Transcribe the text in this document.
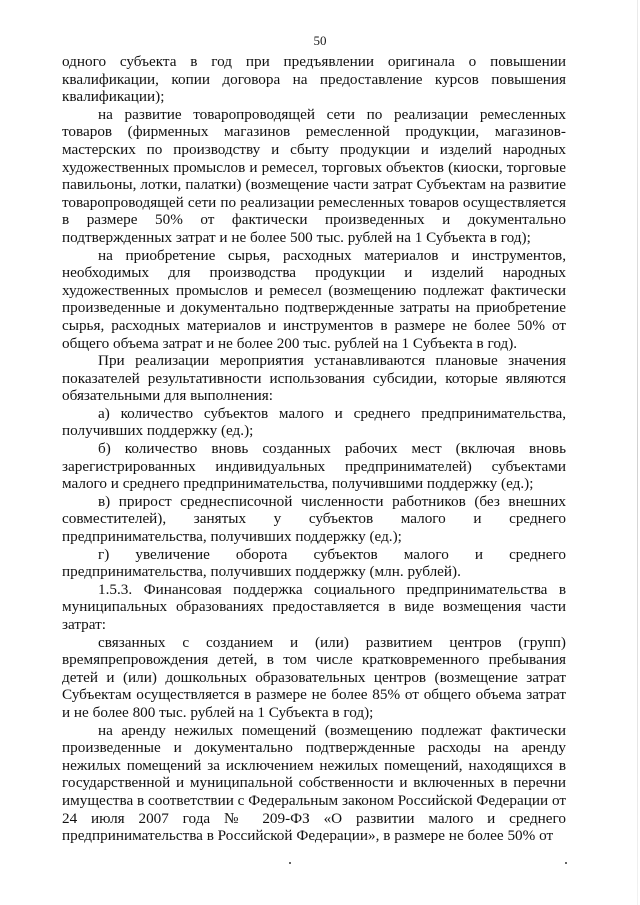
50

одного субъекта в год при предъявлении оригинала о повышении квалификации, копии договора на предоставление курсов повышения квалификации);

на развитие товаропроводящей сети по реализации ремесленных товаров (фирменных магазинов ремесленной продукции, магазинов-мастерских по производству и сбыту продукции и изделий народных художественных промыслов и ремесел, торговых объектов (киоски, торговые павильоны, лотки, палатки) (возмещение части затрат Субъектам на развитие товаропроводящей сети по реализации ремесленных товаров осуществляется в размере 50% от фактически произведенных и документально подтвержденных затрат и не более 500 тыс. рублей на 1 Субъекта в год);

на приобретение сырья, расходных материалов и инструментов, необходимых для производства продукции и изделий народных художественных промыслов и ремесел (возмещению подлежат фактически произведенные и документально подтвержденные затраты на приобретение сырья, расходных материалов и инструментов в размере не более 50% от общего объема затрат и не более 200 тыс. рублей на 1 Субъекта в год).

При реализации мероприятия устанавливаются плановые значения показателей результативности использования субсидии, которые являются обязательными для выполнения:

а) количество субъектов малого и среднего предпринимательства, получивших поддержку (ед.);

б) количество вновь созданных рабочих мест (включая вновь зарегистрированных индивидуальных предпринимателей) субъектами малого и среднего предпринимательства, получившими поддержку (ед.);

в) прирост среднесписочной численности работников (без внешних совместителей), занятых у субъектов малого и среднего предпринимательства, получивших поддержку (ед.);

г) увеличение оборота субъектов малого и среднего предпринимательства, получивших поддержку (млн. рублей).

1.5.3. Финансовая поддержка социального предпринимательства в муниципальных образованиях предоставляется в виде возмещения части затрат:

связанных с созданием и (или) развитием центров (групп) времяпрепровождения детей, в том числе кратковременного пребывания детей и (или) дошкольных образовательных центров (возмещение затрат Субъектам осуществляется в размере не более 85% от общего объема затрат и не более 800 тыс. рублей на 1 Субъекта в год);

на аренду нежилых помещений (возмещению подлежат фактически произведенные и документально подтвержденные расходы на аренду нежилых помещений за исключением нежилых помещений, находящихся в государственной и муниципальной собственности и включенных в перечни имущества в соответствии с Федеральным законом Российской Федерации от 24 июля 2007 года № 209-ФЗ «О развитии малого и среднего предпринимательства в Российской Федерации», в размере не более 50% от
